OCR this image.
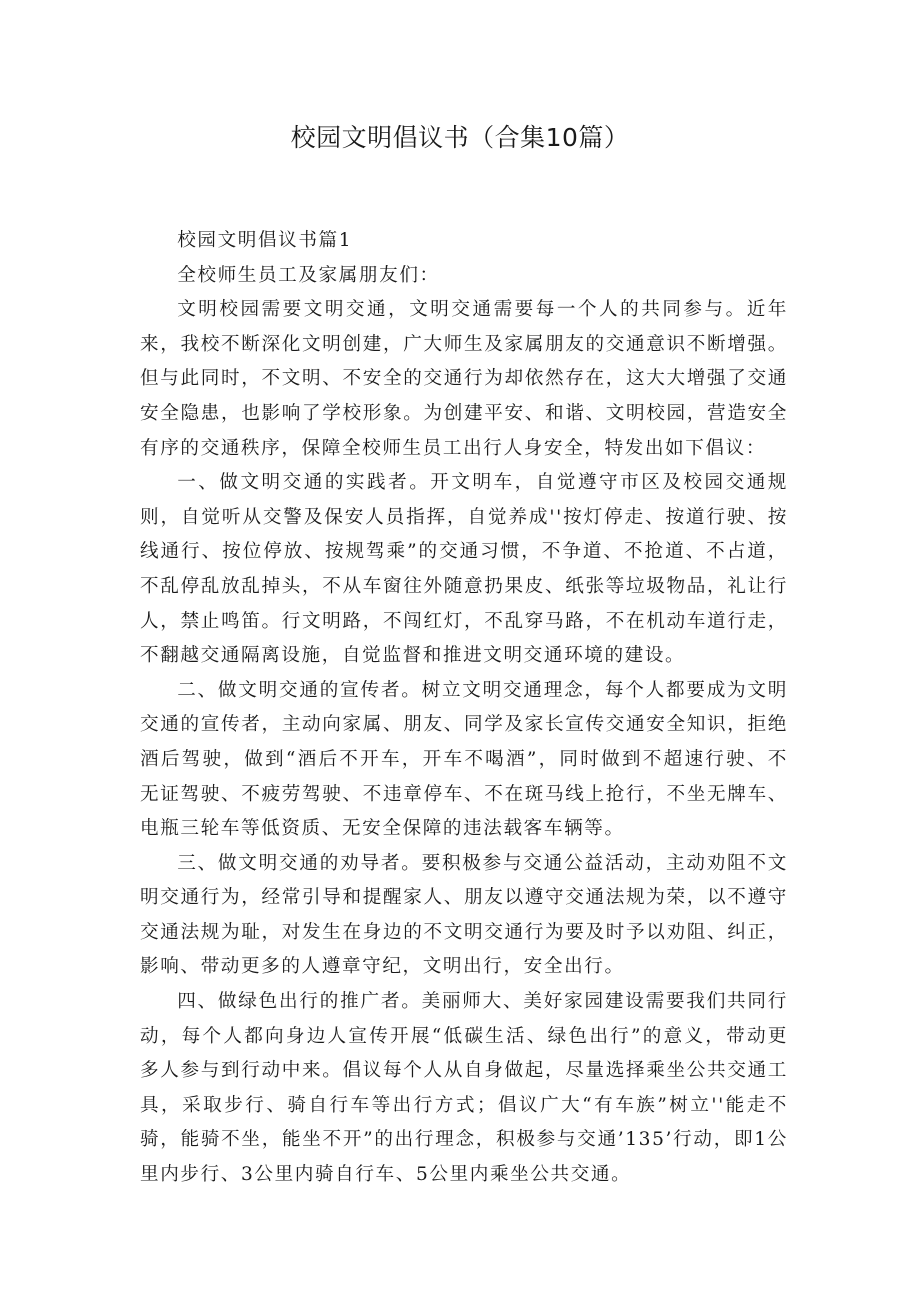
校园文明倡议书（合集10篇）

校园文明倡议书篇1

全校师生员工及家属朋友们：

文明校园需要文明交通，文明交通需要每一个人的共同参与。近年来，我校不断深化文明创建，广大师生及家属朋友的交通意识不断增强。但与此同时，不文明、不安全的交通行为却依然存在，这大大增强了交通安全隐患，也影响了学校形象。为创建平安、和谐、文明校园，营造安全有序的交通秩序，保障全校师生员工出行人身安全，特发出如下倡议：

一、做文明交通的实践者。开文明车，自觉遵守市区及校园交通规则，自觉听从交警及保安人员指挥，自觉养成''按灯停走、按道行驶、按线通行、按位停放、按规驾乘”的交通习惯，不争道、不抢道、不占道，不乱停乱放乱掉头，不从车窗往外随意扔果皮、纸张等垃圾物品，礼让行人，禁止鸣笛。行文明路，不闯红灯，不乱穿马路，不在机动车道行走，不翻越交通隔离设施，自觉监督和推进文明交通环境的建设。

二、做文明交通的宣传者。树立文明交通理念，每个人都要成为文明交通的宣传者，主动向家属、朋友、同学及家长宣传交通安全知识，拒绝酒后驾驶，做到“酒后不开车，开车不喝酒”，同时做到不超速行驶、不无证驾驶、不疲劳驾驶、不违章停车、不在斑马线上抢行，不坐无牌车、电瓶三轮车等低资质、无安全保障的违法载客车辆等。

三、做文明交通的劝导者。要积极参与交通公益活动，主动劝阻不文明交通行为，经常引导和提醒家人、朋友以遵守交通法规为荣，以不遵守交通法规为耻，对发生在身边的不文明交通行为要及时予以劝阻、纠正，影响、带动更多的人遵章守纪，文明出行，安全出行。

四、做绿色出行的推广者。美丽师大、美好家园建设需要我们共同行动，每个人都向身边人宣传开展“低碳生活、绿色出行”的意义，带动更多人参与到行动中来。倡议每个人从自身做起，尽量选择乘坐公共交通工具，采取步行、骑自行车等出行方式；倡议广大“有车族”树立''能走不骑，能骑不坐，能坐不开”的出行理念，积极参与交通’135’行动，即1公里内步行、3公里内骑自行车、5公里内乘坐公共交通。
